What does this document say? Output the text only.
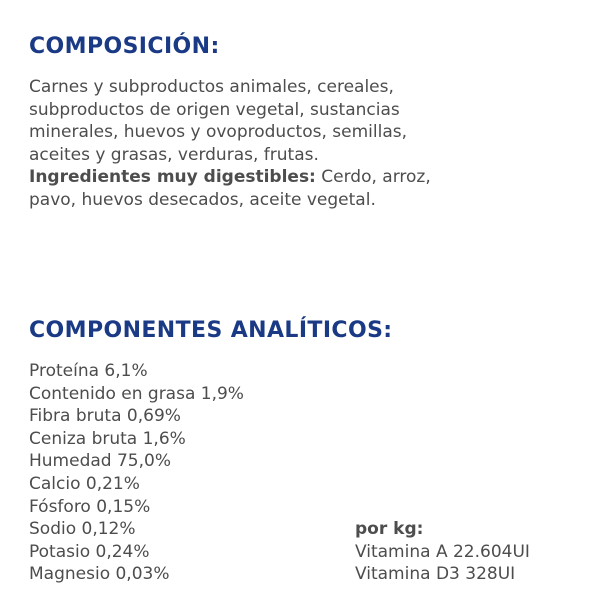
COMPOSICIÓN:
Carnes y subproductos animales, cereales,
subproductos de origen vegetal, sustancias
minerales, huevos y ovoproductos, semillas,
aceites y grasas, verduras, frutas.
Ingredientes muy digestibles: Cerdo, arroz,
pavo, huevos desecados, aceite vegetal.
COMPONENTES ANALÍTICOS:
Proteína 6,1%
Contenido en grasa 1,9%
Fibra bruta 0,69%
Ceniza bruta 1,6%
Humedad 75,0%
Calcio 0,21%
Fósforo 0,15%
Sodio 0,12%
Potasio 0,24%
Magnesio 0,03%
por kg:
Vitamina A 22.604UI
Vitamina D3 328UI
